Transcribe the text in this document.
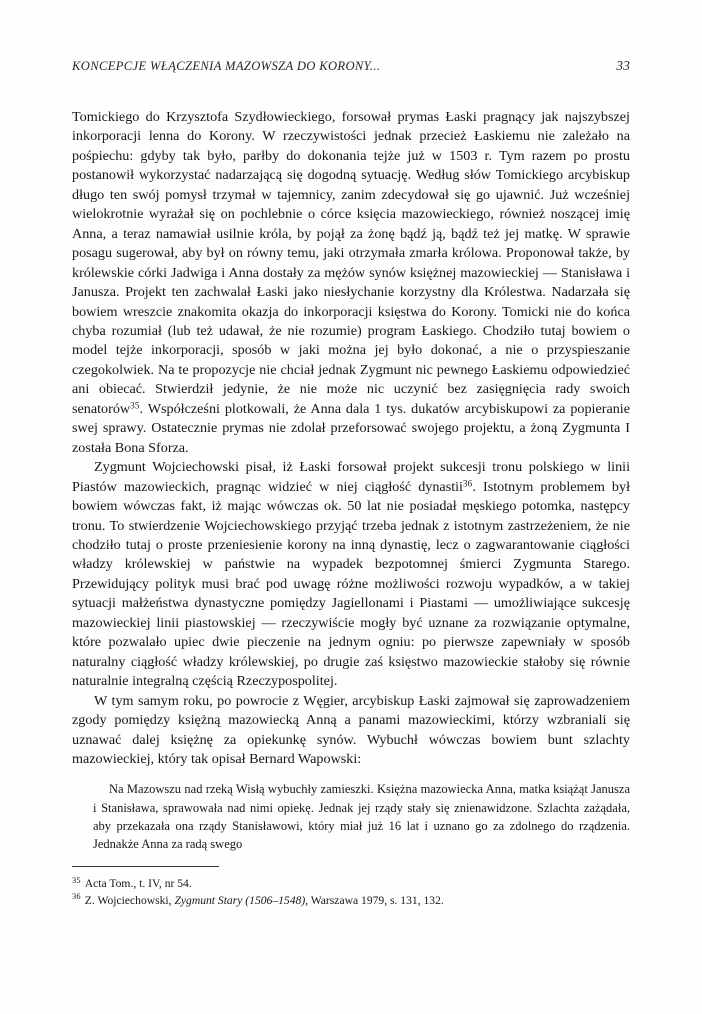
KONCEPCJE WŁĄCZENIA MAZOWSZA DO KORONY...	33

Tomickiego do Krzysztofa Szydłowieckiego, forsował prymas Łaski pragnący jak najszybszej inkorporacji lenna do Korony. W rzeczywistości jednak przecież Łaskiemu nie zależało na pośpiechu: gdyby tak było, parłby do dokonania tejże już w 1503 r. Tym razem po prostu postanowił wykorzystać nadarzającą się dogodną sytuację. Według słów Tomickiego arcybiskup długo ten swój pomysł trzymał w tajemnicy, zanim zdecydował się go ujawnić. Już wcześniej wielokrotnie wyrażał się on pochlebnie o córce księcia mazowieckiego, również noszącej imię Anna, a teraz namawiał usilnie króla, by pojął za żonę bądź ją, bądź też jej matkę. W sprawie posagu sugerował, aby był on równy temu, jaki otrzymała zmarła królowa. Proponował także, by królewskie córki Jadwiga i Anna dostały za mężów synów księżnej mazowieckiej — Stanisława i Janusza. Projekt ten zachwalał Łaski jako niesłychanie korzystny dla Królestwa. Nadarzała się bowiem wreszcie znakomita okazja do inkorporacji księstwa do Korony. Tomicki nie do końca chyba rozumiał (lub też udawał, że nie rozumie) program Łaskiego. Chodziło tutaj bowiem o model tejże inkorporacji, sposób w jaki można jej było dokonać, a nie o przyspieszanie czegokolwiek. Na te propozycje nie chciał jednak Zygmunt nic pewnego Łaskiemu odpowiedzieć ani obiecać. Stwierdził jedynie, że nie może nic uczynić bez zasięgnięcia rady swoich senatorów$^{35}$. Współcześni plotkowali, że Anna dala 1 tys. dukatów arcybiskupowi za popieranie swej sprawy. Ostatecznie prymas nie zdolał przeforsować swojego projektu, a żoną Zygmunta I została Bona Sforza.

Zygmunt Wojciechowski pisał, iż Łaski forsował projekt sukcesji tronu polskiego w linii Piastów mazowieckich, pragnąc widzieć w niej ciągłość dynastii$^{36}$. Istotnym problemem był bowiem wówczas fakt, iż mając wówczas ok. 50 lat nie posiadał męskiego potomka, następcy tronu. To stwierdzenie Wojciechowskiego przyjąć trzeba jednak z istotnym zastrzeżeniem, że nie chodziło tutaj o proste przeniesienie korony na inną dynastię, lecz o zagwarantowanie ciągłości władzy królewskiej w państwie na wypadek bezpotomnej śmierci Zygmunta Starego. Przewidujący polityk musi brać pod uwagę różne możliwości rozwoju wypadków, a w takiej sytuacji małżeństwa dynastyczne pomiędzy Jagiellonami i Piastami — umożliwiające sukcesję mazowieckiej linii piastowskiej — rzeczywiście mogły być uznane za rozwiązanie optymalne, które pozwalało upiec dwie pieczenie na jednym ogniu: po pierwsze zapewniały w sposób naturalny ciągłość władzy królewskiej, po drugie zaś księstwo mazowieckie stałoby się równie naturalnie integralną częścią Rzeczypospolitej.

W tym samym roku, po powrocie z Węgier, arcybiskup Łaski zajmował się zaprowadzeniem zgody pomiędzy księżną mazowiecką Anną a panami mazowieckimi, którzy wzbraniali się uznawać dalej księżnę za opiekunkę synów. Wybuchł wówczas bowiem bunt szlachty mazowieckiej, który tak opisał Bernard Wapowski:

Na Mazowszu nad rzeką Wisłą wybuchły zamieszki. Księżna mazowiecka Anna, matka książąt Janusza i Stanisława, sprawowała nad nimi opiekę. Jednak jej rządy stały się znienawidzone. Szlachta zażądała, aby przekazała ona rządy Stanisławowi, który miał już 16 lat i uznano go za zdolnego do rządzenia. Jednakże Anna za radą swego

$^{35}$ Acta Tom., t. IV, nr 54.

$^{36}$ Z. Wojciechowski, Zygmunt Stary (1506–1548), Warszawa 1979, s. 131, 132.
